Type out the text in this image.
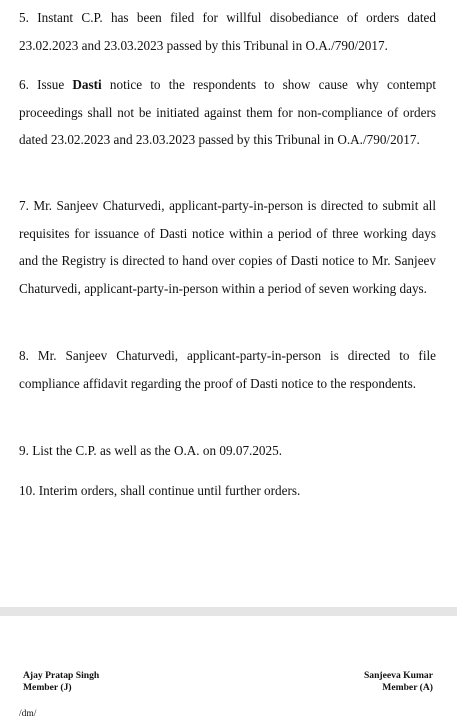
5. Instant C.P. has been filed for willful disobediance of orders dated 23.02.2023 and 23.03.2023 passed by this Tribunal in O.A./790/2017.

6. Issue Dasti notice to the respondents to show cause why contempt proceedings shall not be initiated against them for non-compliance of orders dated 23.02.2023 and 23.03.2023 passed by this Tribunal in O.A./790/2017.

7. Mr. Sanjeev Chaturvedi, applicant-party-in-person is directed to submit all requisites for issuance of Dasti notice within a period of three working days and the Registry is directed to hand over copies of Dasti notice to Mr. Sanjeev Chaturvedi, applicant-party-in-person within a period of seven working days.

8. Mr. Sanjeev Chaturvedi, applicant-party-in-person is directed to file compliance affidavit regarding the proof of Dasti notice to the respondents.

9. List the C.P. as well as the O.A. on 09.07.2025.

10. Interim orders, shall continue until further orders.

Ajay Pratap Singh
Member (J)
Sanjeeva Kumar
Member (A)
/dm/
